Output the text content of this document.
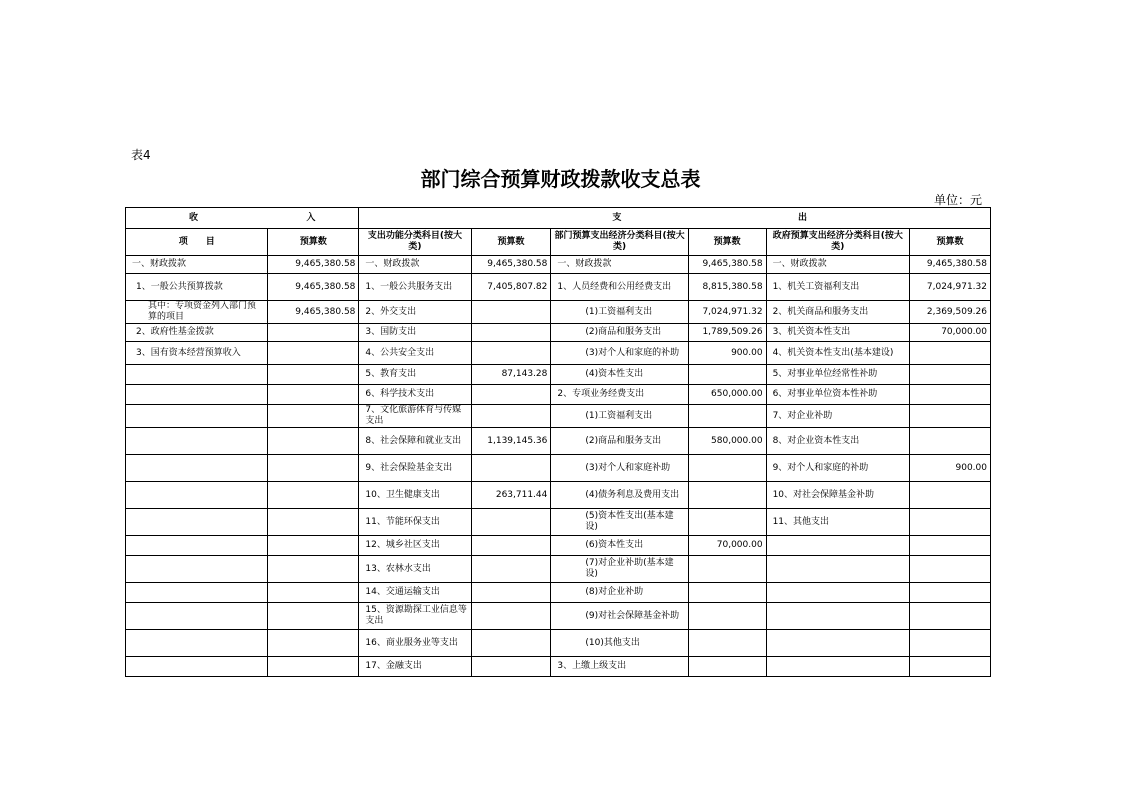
表4
部门综合预算财政拨款收支总表
单位：元
收 入		支 出					

项　　目	预算数	支出功能分类科目(按大类)	预算数	部门预算支出经济分类科目(按大类)	预算数	政府预算支出经济分类科目(按大类)	预算数
一、财政拨款	9,465,380.58	一、财政拨款	9,465,380.58	一、财政拨款	9,465,380.58	一、财政拨款	9,465,380.58
1、一般公共预算拨款	9,465,380.58	1、一般公共服务支出	7,405,807.82	1、人员经费和公用经费支出	8,815,380.58	1、机关工资福利支出	7,024,971.32
其中：专项资金列入部门预算的项目	9,465,380.58	2、外交支出		(1)工资福利支出	7,024,971.32	2、机关商品和服务支出	2,369,509.26
2、政府性基金拨款		3、国防支出		(2)商品和服务支出	1,789,509.26	3、机关资本性支出	70,000.00
3、国有资本经营预算收入		4、公共安全支出		(3)对个人和家庭的补助	900.00	4、机关资本性支出(基本建设)	
		5、教育支出	87,143.28	(4)资本性支出		5、对事业单位经常性补助	
		6、科学技术支出		2、专项业务经费支出	650,000.00	6、对事业单位资本性补助	
		7、文化旅游体育与传媒支出		(1)工资福利支出		7、对企业补助	
		8、社会保障和就业支出	1,139,145.36	(2)商品和服务支出	580,000.00	8、对企业资本性支出	
		9、社会保险基金支出		(3)对个人和家庭补助		9、对个人和家庭的补助	900.00
		10、卫生健康支出	263,711.44	(4)债务利息及费用支出		10、对社会保障基金补助	
		11、节能环保支出		(5)资本性支出(基本建设)		11、其他支出	
		12、城乡社区支出		(6)资本性支出	70,000.00		
		13、农林水支出		(7)对企业补助(基本建设)			
		14、交通运输支出		(8)对企业补助			
		15、资源勘探工业信息等支出		(9)对社会保障基金补助			
		16、商业服务业等支出		(10)其他支出			
		17、金融支出		3、上缴上级支出			
